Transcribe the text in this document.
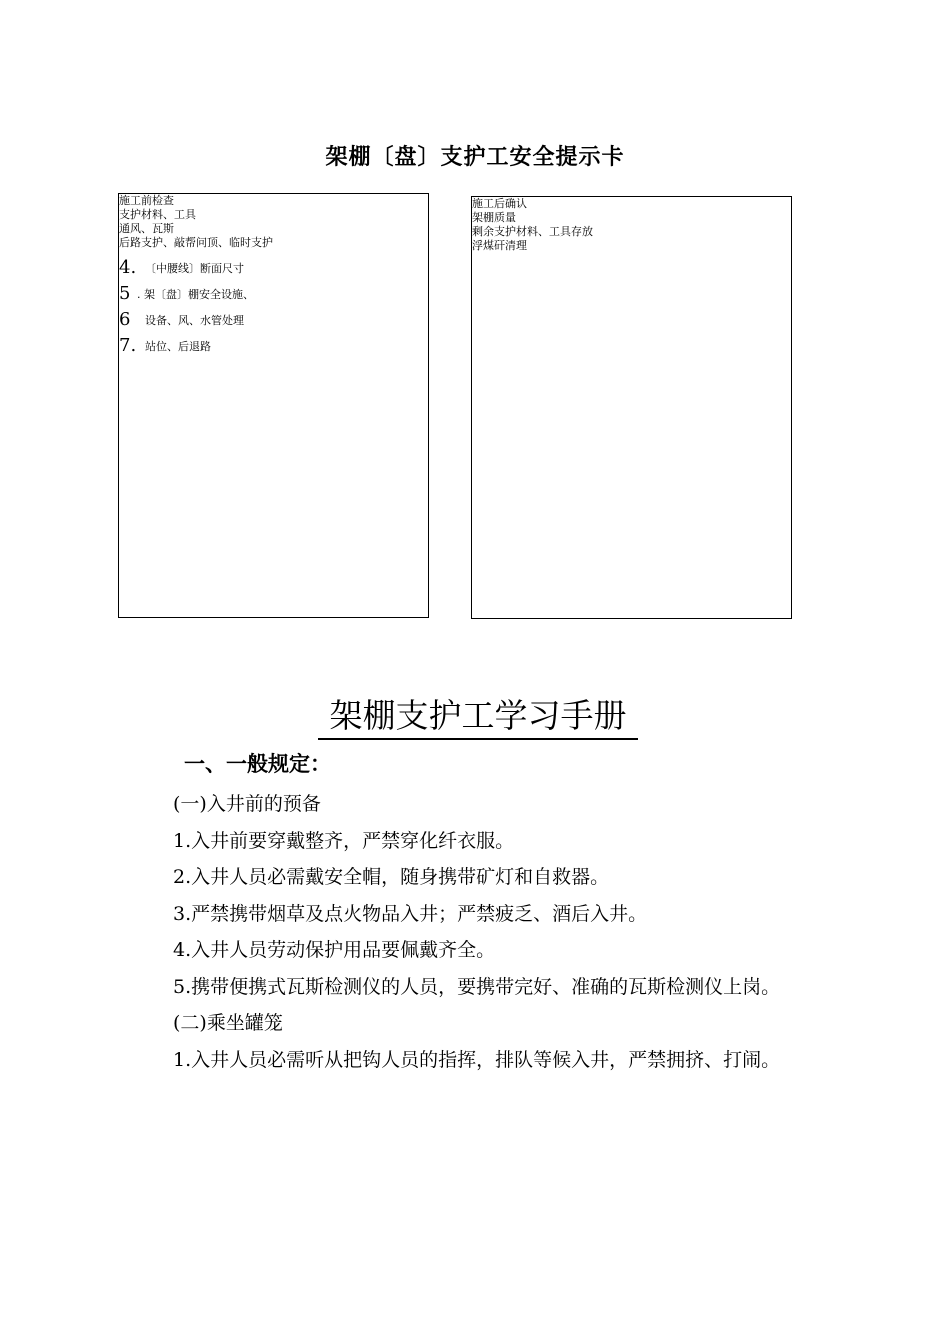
架棚〔盘〕支护工安全提示卡

施工前检查

支护材料、工具

通风、瓦斯

后路支护、敲帮问顶、临时支护

4. 〔中腰线〕断面尺寸
5 . 架〔盘〕棚安全设施、
6 设备、风、水管处理
7. 站位、后退路

施工后确认

架棚质量

剩余支护材料、工具存放

浮煤矸清理

架棚支护工学习手册
一、一般规定：

(一)入井前的预备

1.入井前要穿戴整齐，严禁穿化纤衣服。

2.入井人员必需戴安全帽，随身携带矿灯和自救器。

3.严禁携带烟草及点火物品入井；严禁疲乏、酒后入井。

4.入井人员劳动保护用品要佩戴齐全。

5.携带便携式瓦斯检测仪的人员，要携带完好、准确的瓦斯检测仪上岗。

(二)乘坐罐笼

1.入井人员必需听从把钩人员的指挥，排队等候入井，严禁拥挤、打闹。
